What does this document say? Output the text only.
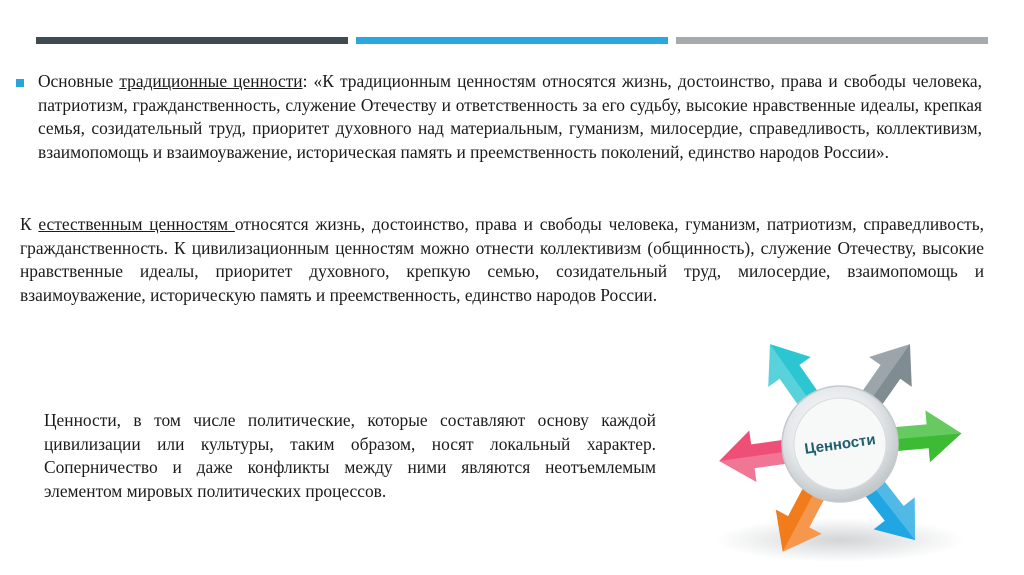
Основные традиционные ценности: «К традиционным ценностям относятся жизнь, достоинство, права и свободы человека, патриотизм, гражданственность, служение Отечеству и ответственность за его судьбу, высокие нравственные идеалы, крепкая семья, созидательный труд, приоритет духовного над материальным, гуманизм, милосердие, справедливость, коллективизм, взаимопомощь и взаимоуважение, историческая память и преемственность поколений, единство народов России».

К естественным ценностям относятся жизнь, достоинство, права и свободы человека, гуманизм, патриотизм, справедливость, гражданственность. К цивилизационным ценностям можно отнести коллективизм (общинность), служение Отечеству, высокие нравственные идеалы, приоритет духовного, крепкую семью, созидательный труд, милосердие, взаимопомощь и взаимоуважение, историческую память и преемственность, единство народов России.

Ценности, в том числе политические, которые составляют основу каждой цивилизации или культуры, таким образом, носят локальный характер. Соперничество и даже конфликты между ними являются неотъемлемым элементом мировых политических процессов.

Ценности
